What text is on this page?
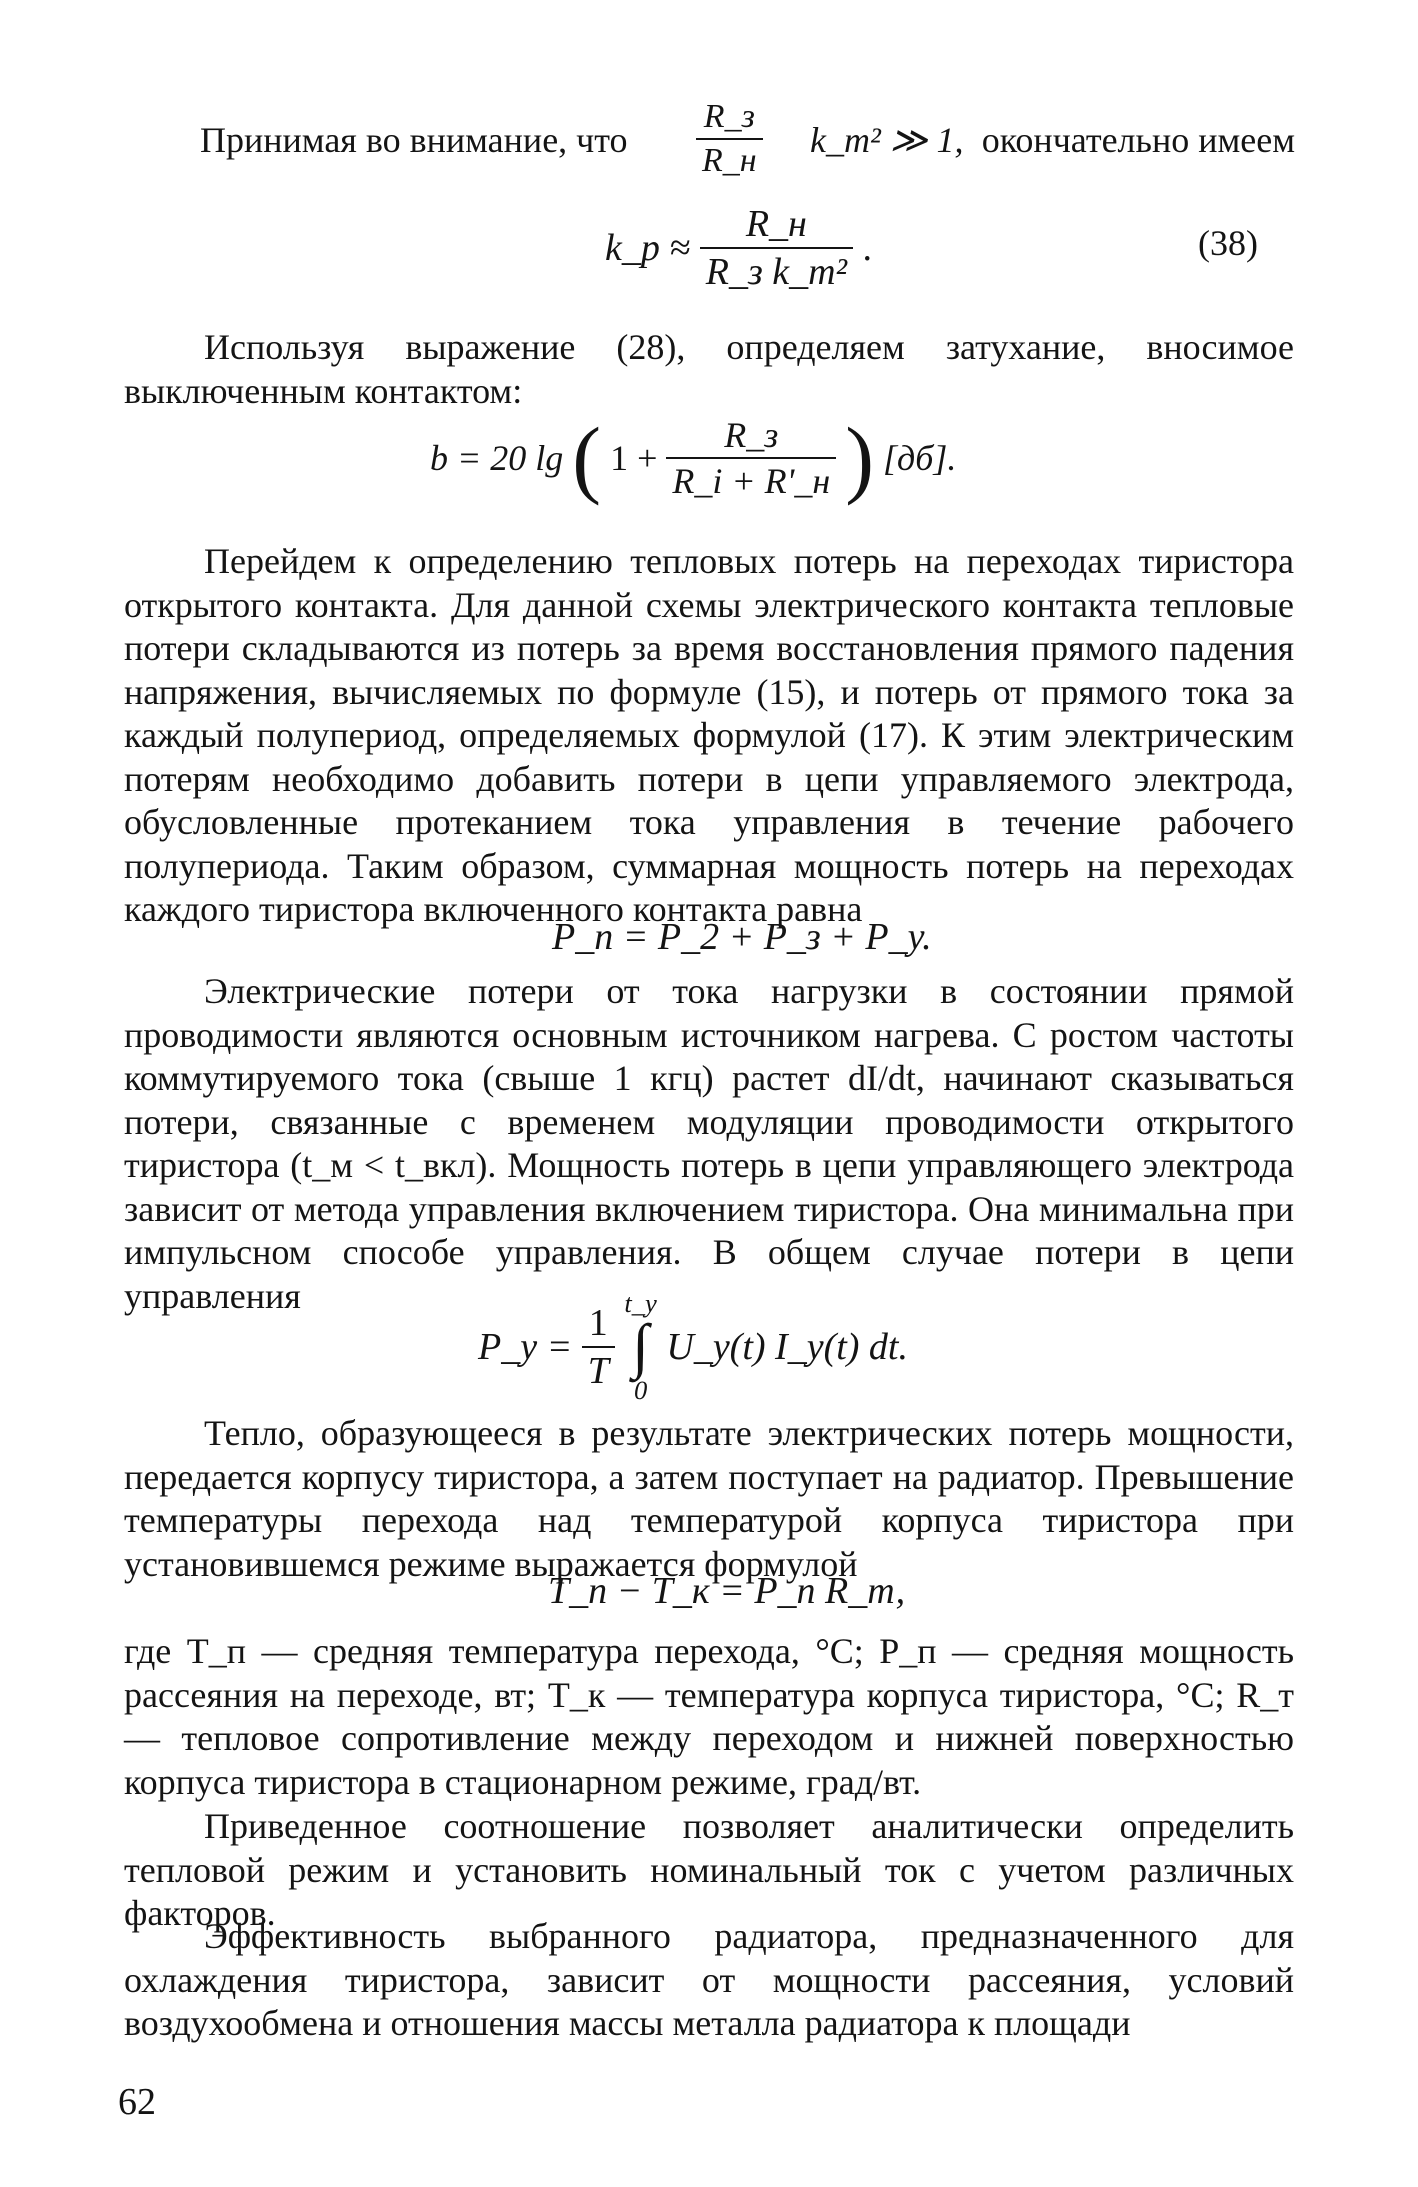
Принимая во внимание, что
R_з
R_н
k_т² ≫ 1, окончательно имеем
k_p ≈ $\frac{R\_н}{\text{R\_з k\_т²}}$ .	(38)

Используя выражение (28), определяем затухание, вносимое выключенным контактом:

b = 20 lg ( $1 + \frac{R\_з}{R\_i + R'\_н}$ ) [дб].

Перейдем к определению тепловых потерь на переходах тиристора открытого контакта. Для данной схемы электрического контакта тепловые потери складываются из потерь за время восстановления прямого падения напряжения, вычисляемых по формуле (15), и потерь от прямого тока за каждый полупериод, определяемых формулой (17). К этим электрическим потерям необходимо добавить потери в цепи управляемого электрода, обусловленные протеканием тока управления в течение рабочего полупериода. Таким образом, суммарная мощность потерь на переходах каждого тиристора включенного контакта равна

P_п = P_2 + P_з + P_у.

Электрические потери от тока нагрузки в состоянии прямой проводимости являются основным источником нагрева. С ростом частоты коммутируемого тока (свыше 1 кгц) растет dI/dt, начинают сказываться потери, связанные с временем модуляции проводимости открытого тиристора (t_м < t_вкл). Мощность потерь в цепи управляющего электрода зависит от метода управления включением тиристора. Она минимальна при импульсном способе управления. В общем случае потери в цепи управления

P_у = $\frac{1}{T}$

t_у
∫
0
U_у(t) I_у(t) dt.

Тепло, образующееся в результате электрических потерь мощности, передается корпусу тиристора, а затем поступает на радиатор. Превышение температуры перехода над температурой корпуса тиристора при установившемся режиме выражается формулой

T_п − T_к = P_п R_т,

где T_п — средняя температура перехода, °C; P_п — средняя мощность рассеяния на переходе, вт; T_к — температура корпуса тиристора, °C; R_т — тепловое сопротивление между переходом и нижней поверхностью корпуса тиристора в стационарном режиме, град/вт.

Приведенное соотношение позволяет аналитически определить тепловой режим и установить номинальный ток с учетом различных факторов.

Эффективность выбранного радиатора, предназначенного для охлаждения тиристора, зависит от мощности рассеяния, условий воздухообмена и отношения массы металла радиатора к площади

62
